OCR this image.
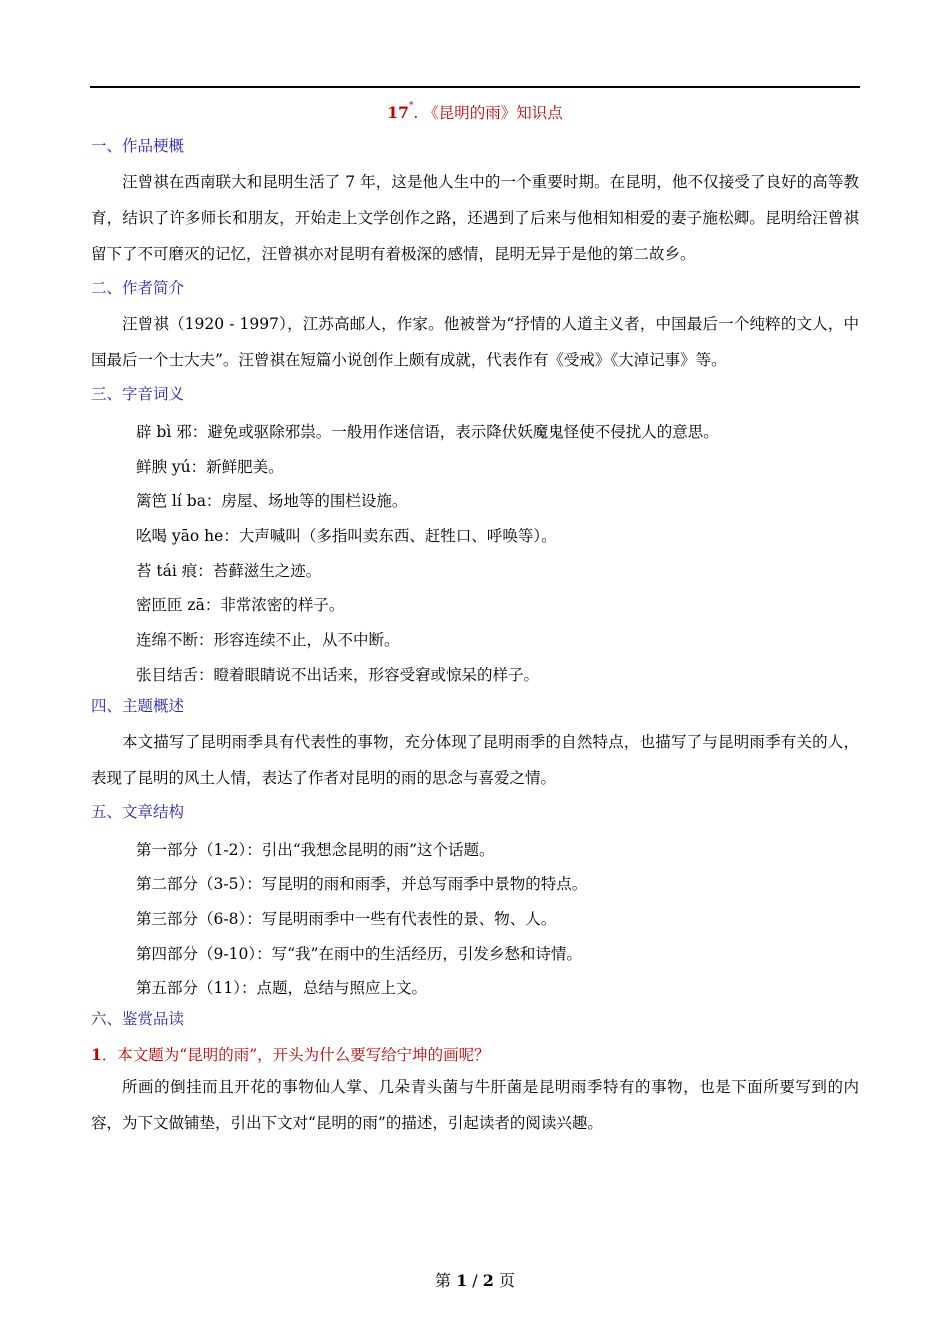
17*. 《昆明的雨》知识点
一、作品梗概

汪曾祺在西南联大和昆明生活了 7 年，这是他人生中的一个重要时期。在昆明，他不仅接受了良好的高等教育，结识了许多师长和朋友，开始走上文学创作之路，还遇到了后来与他相知相爱的妻子施松卿。昆明给汪曾祺留下了不可磨灭的记忆，汪曾祺亦对昆明有着极深的感情，昆明无异于是他的第二故乡。

二、作者简介

汪曾祺（1920 - 1997），江苏高邮人，作家。他被誉为“抒情的人道主义者，中国最后一个纯粹的文人，中国最后一个士大夫”。汪曾祺在短篇小说创作上颇有成就，代表作有《受戒》《大淖记事》等。

三、字音词义
辟 bì 邪：避免或驱除邪祟。一般用作迷信语，表示降伏妖魔鬼怪使不侵扰人的意思。
鲜腴 yú：新鲜肥美。
篱笆 lí ba：房屋、场地等的围栏设施。
吆喝 yāo he：大声喊叫（多指叫卖东西、赶牲口、呼唤等）。
苔 tái 痕：苔藓滋生之迹。
密匝匝 zā：非常浓密的样子。
连绵不断：形容连续不止，从不中断。
张目结舌：瞪着眼睛说不出话来，形容受窘或惊呆的样子。
四、主题概述

本文描写了昆明雨季具有代表性的事物，充分体现了昆明雨季的自然特点，也描写了与昆明雨季有关的人，表现了昆明的风土人情，表达了作者对昆明的雨的思念与喜爱之情。

五、文章结构
第一部分（1-2）：引出“我想念昆明的雨”这个话题。
第二部分（3-5）：写昆明的雨和雨季，并总写雨季中景物的特点。
第三部分（6-8）：写昆明雨季中一些有代表性的景、物、人。
第四部分（9-10）：写“我”在雨中的生活经历，引发乡愁和诗情。
第五部分（11）：点题，总结与照应上文。
六、鉴赏品读
1．本文题为“昆明的雨”，开头为什么要写给宁坤的画呢？

所画的倒挂而且开花的事物仙人掌、几朵青头菌与牛肝菌是昆明雨季特有的事物，也是下面所要写到的内容，为下文做铺垫，引出下文对“昆明的雨”的描述，引起读者的阅读兴趣。

第 1 / 2 页
